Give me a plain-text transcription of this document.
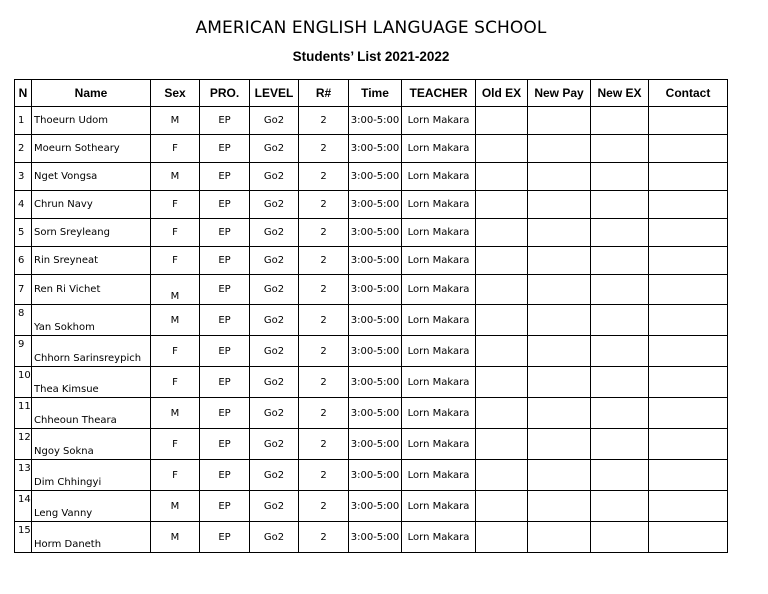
AMERICAN ENGLISH LANGUAGE SCHOOL
Students’ List 2021-2022
N	Name	Sex	PRO.	LEVEL	R#	Time	TEACHER	Old EX	New Pay	New EX	Contact
1	Thoeurn Udom	M	EP	Go2	2	3:00-5:00	Lorn Makara				
2	Moeurn Sotheary	F	EP	Go2	2	3:00-5:00	Lorn Makara				
3	Nget Vongsa	M	EP	Go2	2	3:00-5:00	Lorn Makara				
4	Chrun Navy	F	EP	Go2	2	3:00-5:00	Lorn Makara				
5	Sorn Sreyleang	F	EP	Go2	2	3:00-5:00	Lorn Makara				
6	Rin Sreyneat	F	EP	Go2	2	3:00-5:00	Lorn Makara				
7	Ren Ri Vichet	M	EP	Go2	2	3:00-5:00	Lorn Makara				
8	Yan Sokhom	M	EP	Go2	2	3:00-5:00	Lorn Makara				
9	Chhorn Sarinsreypich	F	EP	Go2	2	3:00-5:00	Lorn Makara				
10	Thea Kimsue	F	EP	Go2	2	3:00-5:00	Lorn Makara				
11	Chheoun Theara	M	EP	Go2	2	3:00-5:00	Lorn Makara				
12	Ngoy Sokna	F	EP	Go2	2	3:00-5:00	Lorn Makara				
13	Dim Chhingyi	F	EP	Go2	2	3:00-5:00	Lorn Makara				
14	Leng Vanny	M	EP	Go2	2	3:00-5:00	Lorn Makara				
15	Horm Daneth	M	EP	Go2	2	3:00-5:00	Lorn Makara				
